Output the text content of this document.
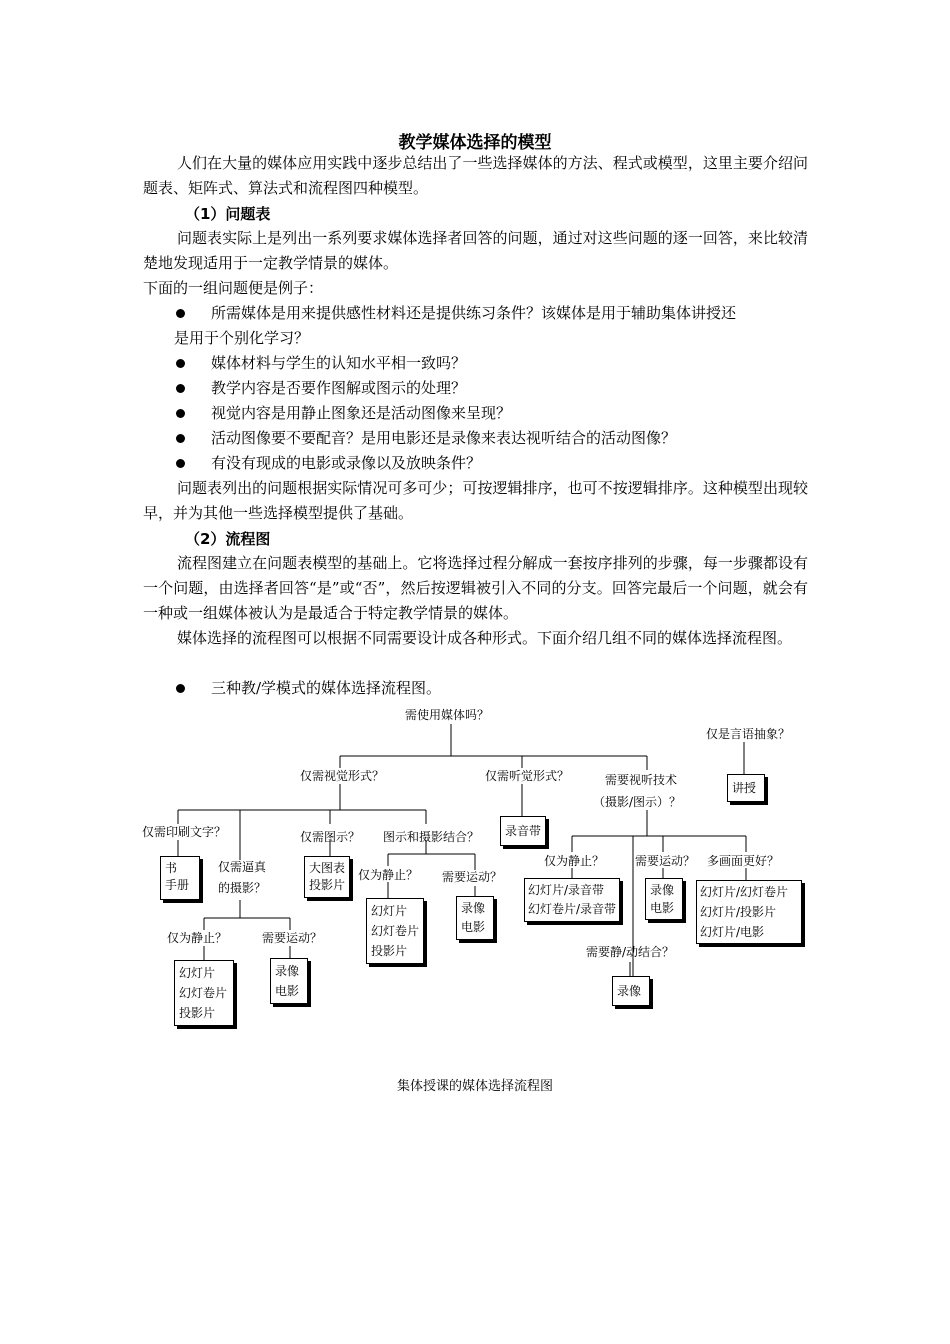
教学媒体选择的模型
人们在大量的媒体应用实践中逐步总结出了一些选择媒体的方法、程式或模型，这里主要介绍问题表、矩阵式、算法式和流程图四种模型。
（1）问题表
问题表实际上是列出一系列要求媒体选择者回答的问题，通过对这些问题的逐一回答，来比较清楚地发现适用于一定教学情景的媒体。
下面的一组问题便是例子：
所需媒体是用来提供感性材料还是提供练习条件？该媒体是用于辅助集体讲授还
是用于个别化学习？
媒体材料与学生的认知水平相一致吗？
教学内容是否要作图解或图示的处理？
视觉内容是用静止图象还是活动图像来呈现？
活动图像要不要配音？是用电影还是录像来表达视听结合的活动图像？
有没有现成的电影或录像以及放映条件？
问题表列出的问题根据实际情况可多可少；可按逻辑排序，也可不按逻辑排序。这种模型出现较早，并为其他一些选择模型提供了基础。
（2）流程图
流程图建立在问题表模型的基础上。它将选择过程分解成一套按序排列的步骤，每一步骤都设有一个问题，由选择者回答“是”或“否”，然后按逻辑被引入不同的分支。回答完最后一个问题，就会有一种或一组媒体被认为是最适合于特定教学情景的媒体。
媒体选择的流程图可以根据不同需要设计成各种形式。下面介绍几组不同的媒体选择流程图。
三种教/学模式的媒体选择流程图。
需使用媒体吗？
仅是言语抽象？
讲授
仅需视觉形式？	仅需听觉形式？	需要视听技术
（摄影/图示）？
录音带
仅需印刷文字？
书
手册
仅需逼真
的摄影？
仅需图示？
大图表
投影片
图示和摄影结合？
仅为静止？
幻灯片
幻灯卷片
投影片
需要运动？
录像
电影
仅为静止？
幻灯片
幻灯卷片
投影片
需要运动？
录像
电影
仅为静止？
幻灯片/录音带
幻灯卷片/录音带
需要运动？
录像
电影
多画面更好？
幻灯片/幻灯卷片
幻灯片/投影片
幻灯片/电影
需要静/动结合？
录像
集体授课的媒体选择流程图
